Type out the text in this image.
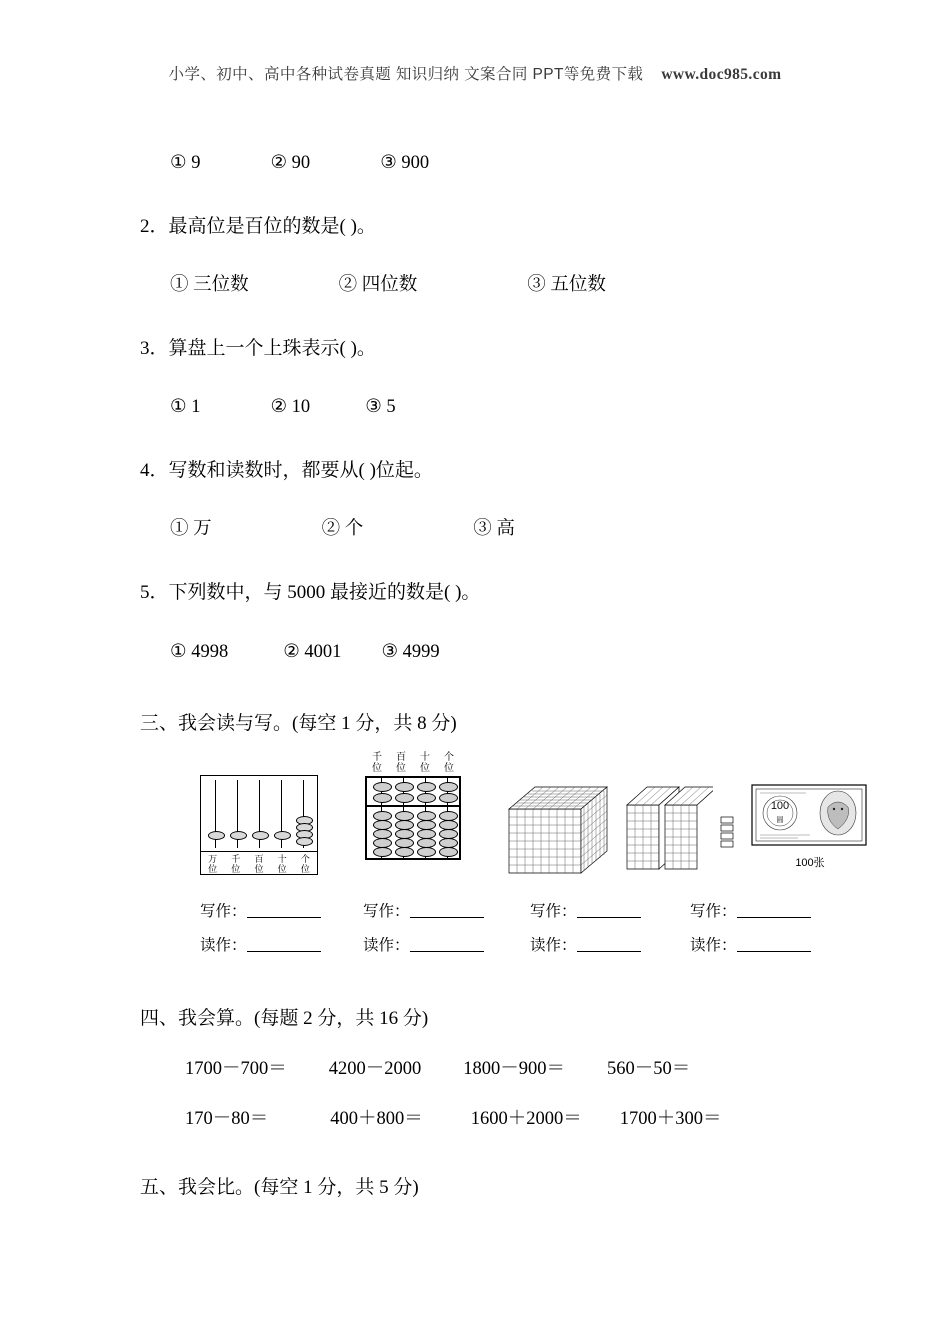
小学、初中、高中各种试卷真题 知识归纳 文案合同 PPT等免费下载 www.doc985.com
① 9	② 90	③ 900
2．最高位是百位的数是( )。
① 三位数	② 四位数	③ 五位数
3．算盘上一个上珠表示( )。
① 1	② 10	③ 5
4．写数和读数时，都要从( )位起。
① 万	② 个	③ 高
5．下列数中，与 5000 最接近的数是( )。
① 4998	② 4001 ③ 4999
三、我会读与写。(每空 1 分，共 8 分)
万
位
千
位
百
位
十
位
个
位
千
位
百
位
十
位
个
位
100
圆
100张
写作：
读作：
写作：
读作：
写作：
读作：
写作：
读作：
四、我会算。(每题 2 分，共 16 分)
1700－700＝ 4200－2000 1800－900＝ 560－50＝
170－80＝	400＋800＝	1600＋2000＝ 1700＋300＝
五、我会比。(每空 1 分，共 5 分)
